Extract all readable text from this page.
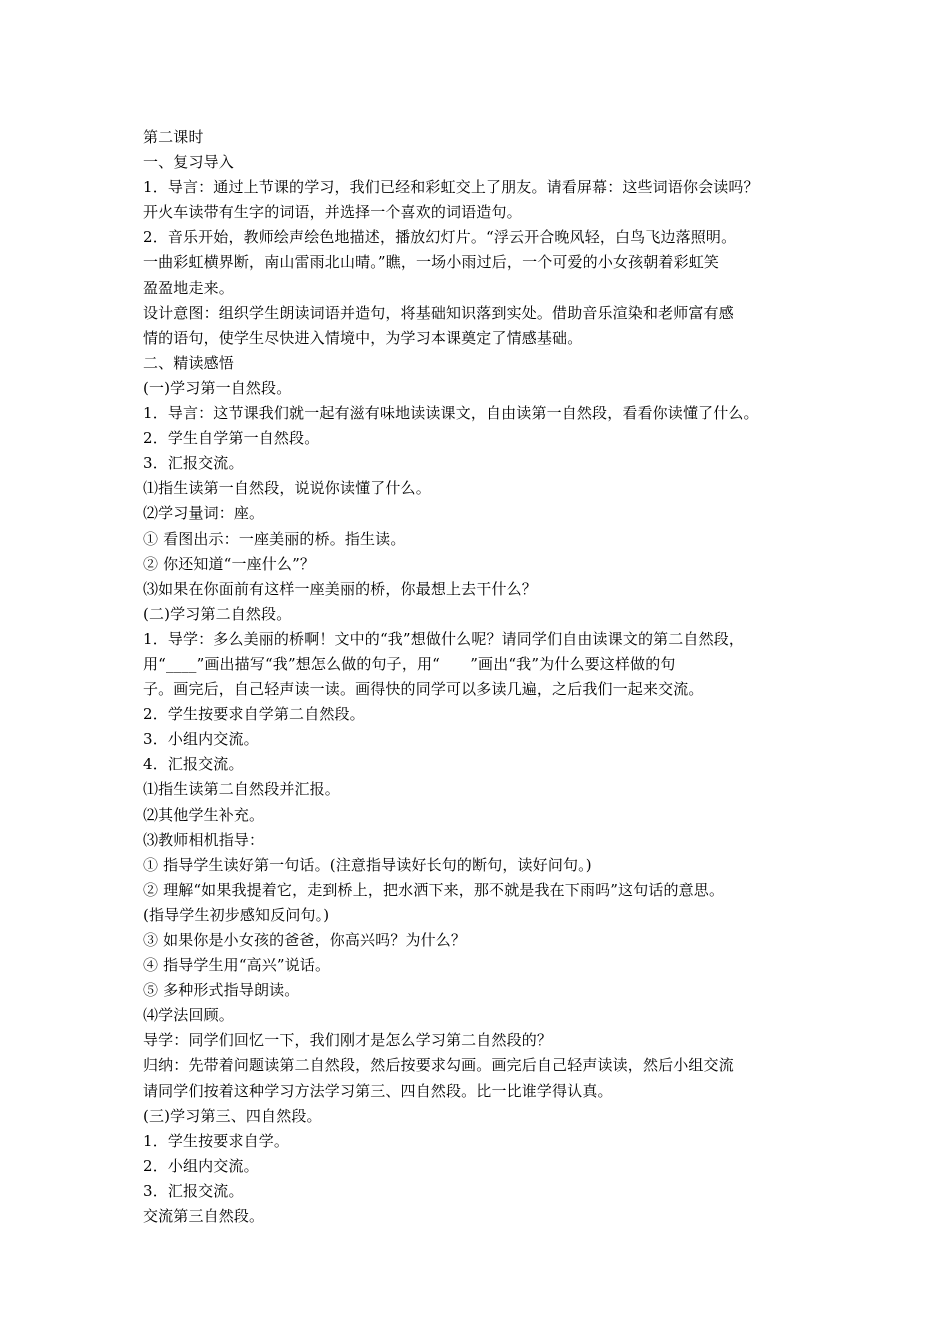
第二课时
一、复习导入
1．导言：通过上节课的学习，我们已经和彩虹交上了朋友。请看屏幕：这些词语你会读吗？
开火车读带有生字的词语，并选择一个喜欢的词语造句。
2．音乐开始，教师绘声绘色地描述，播放幻灯片。“浮云开合晚风轻，白鸟飞边落照明。
一曲彩虹横界断，南山雷雨北山晴。”瞧，一场小雨过后，一个可爱的小女孩朝着彩虹笑
盈盈地走来。
设计意图：组织学生朗读词语并造句，将基础知识落到实处。借助音乐渲染和老师富有感
情的语句，使学生尽快进入情境中，为学习本课奠定了情感基础。
二、精读感悟
(一)学习第一自然段。
1．导言：这节课我们就一起有滋有味地读读课文，自由读第一自然段，看看你读懂了什么。
2．学生自学第一自然段。
3．汇报交流。
⑴指生读第一自然段，说说你读懂了什么。
⑵学习量词：座。
① 看图出示：一座美丽的桥。指生读。
② 你还知道“一座什么”？
⑶如果在你面前有这样一座美丽的桥，你最想上去干什么？
(二)学习第二自然段。
1．导学：多么美丽的桥啊！文中的“我”想做什么呢？请同学们自由读课文的第二自然段，
用“____”画出描写“我”想怎么做的句子，用“　　”画出“我”为什么要这样做的句
子。画完后，自己轻声读一读。画得快的同学可以多读几遍，之后我们一起来交流。
2．学生按要求自学第二自然段。
3．小组内交流。
4．汇报交流。
⑴指生读第二自然段并汇报。
⑵其他学生补充。
⑶教师相机指导：
① 指导学生读好第一句话。(注意指导读好长句的断句，读好问句。)
② 理解“如果我提着它，走到桥上，把水洒下来，那不就是我在下雨吗”这句话的意思。
(指导学生初步感知反问句。)
③ 如果你是小女孩的爸爸，你高兴吗？为什么？
④ 指导学生用“高兴”说话。
⑤ 多种形式指导朗读。
⑷学法回顾。
导学：同学们回忆一下，我们刚才是怎么学习第二自然段的？
归纳：先带着问题读第二自然段，然后按要求勾画。画完后自己轻声读读，然后小组交流
请同学们按着这种学习方法学习第三、四自然段。比一比谁学得认真。
(三)学习第三、四自然段。
1．学生按要求自学。
2．小组内交流。
3．汇报交流。
交流第三自然段。
